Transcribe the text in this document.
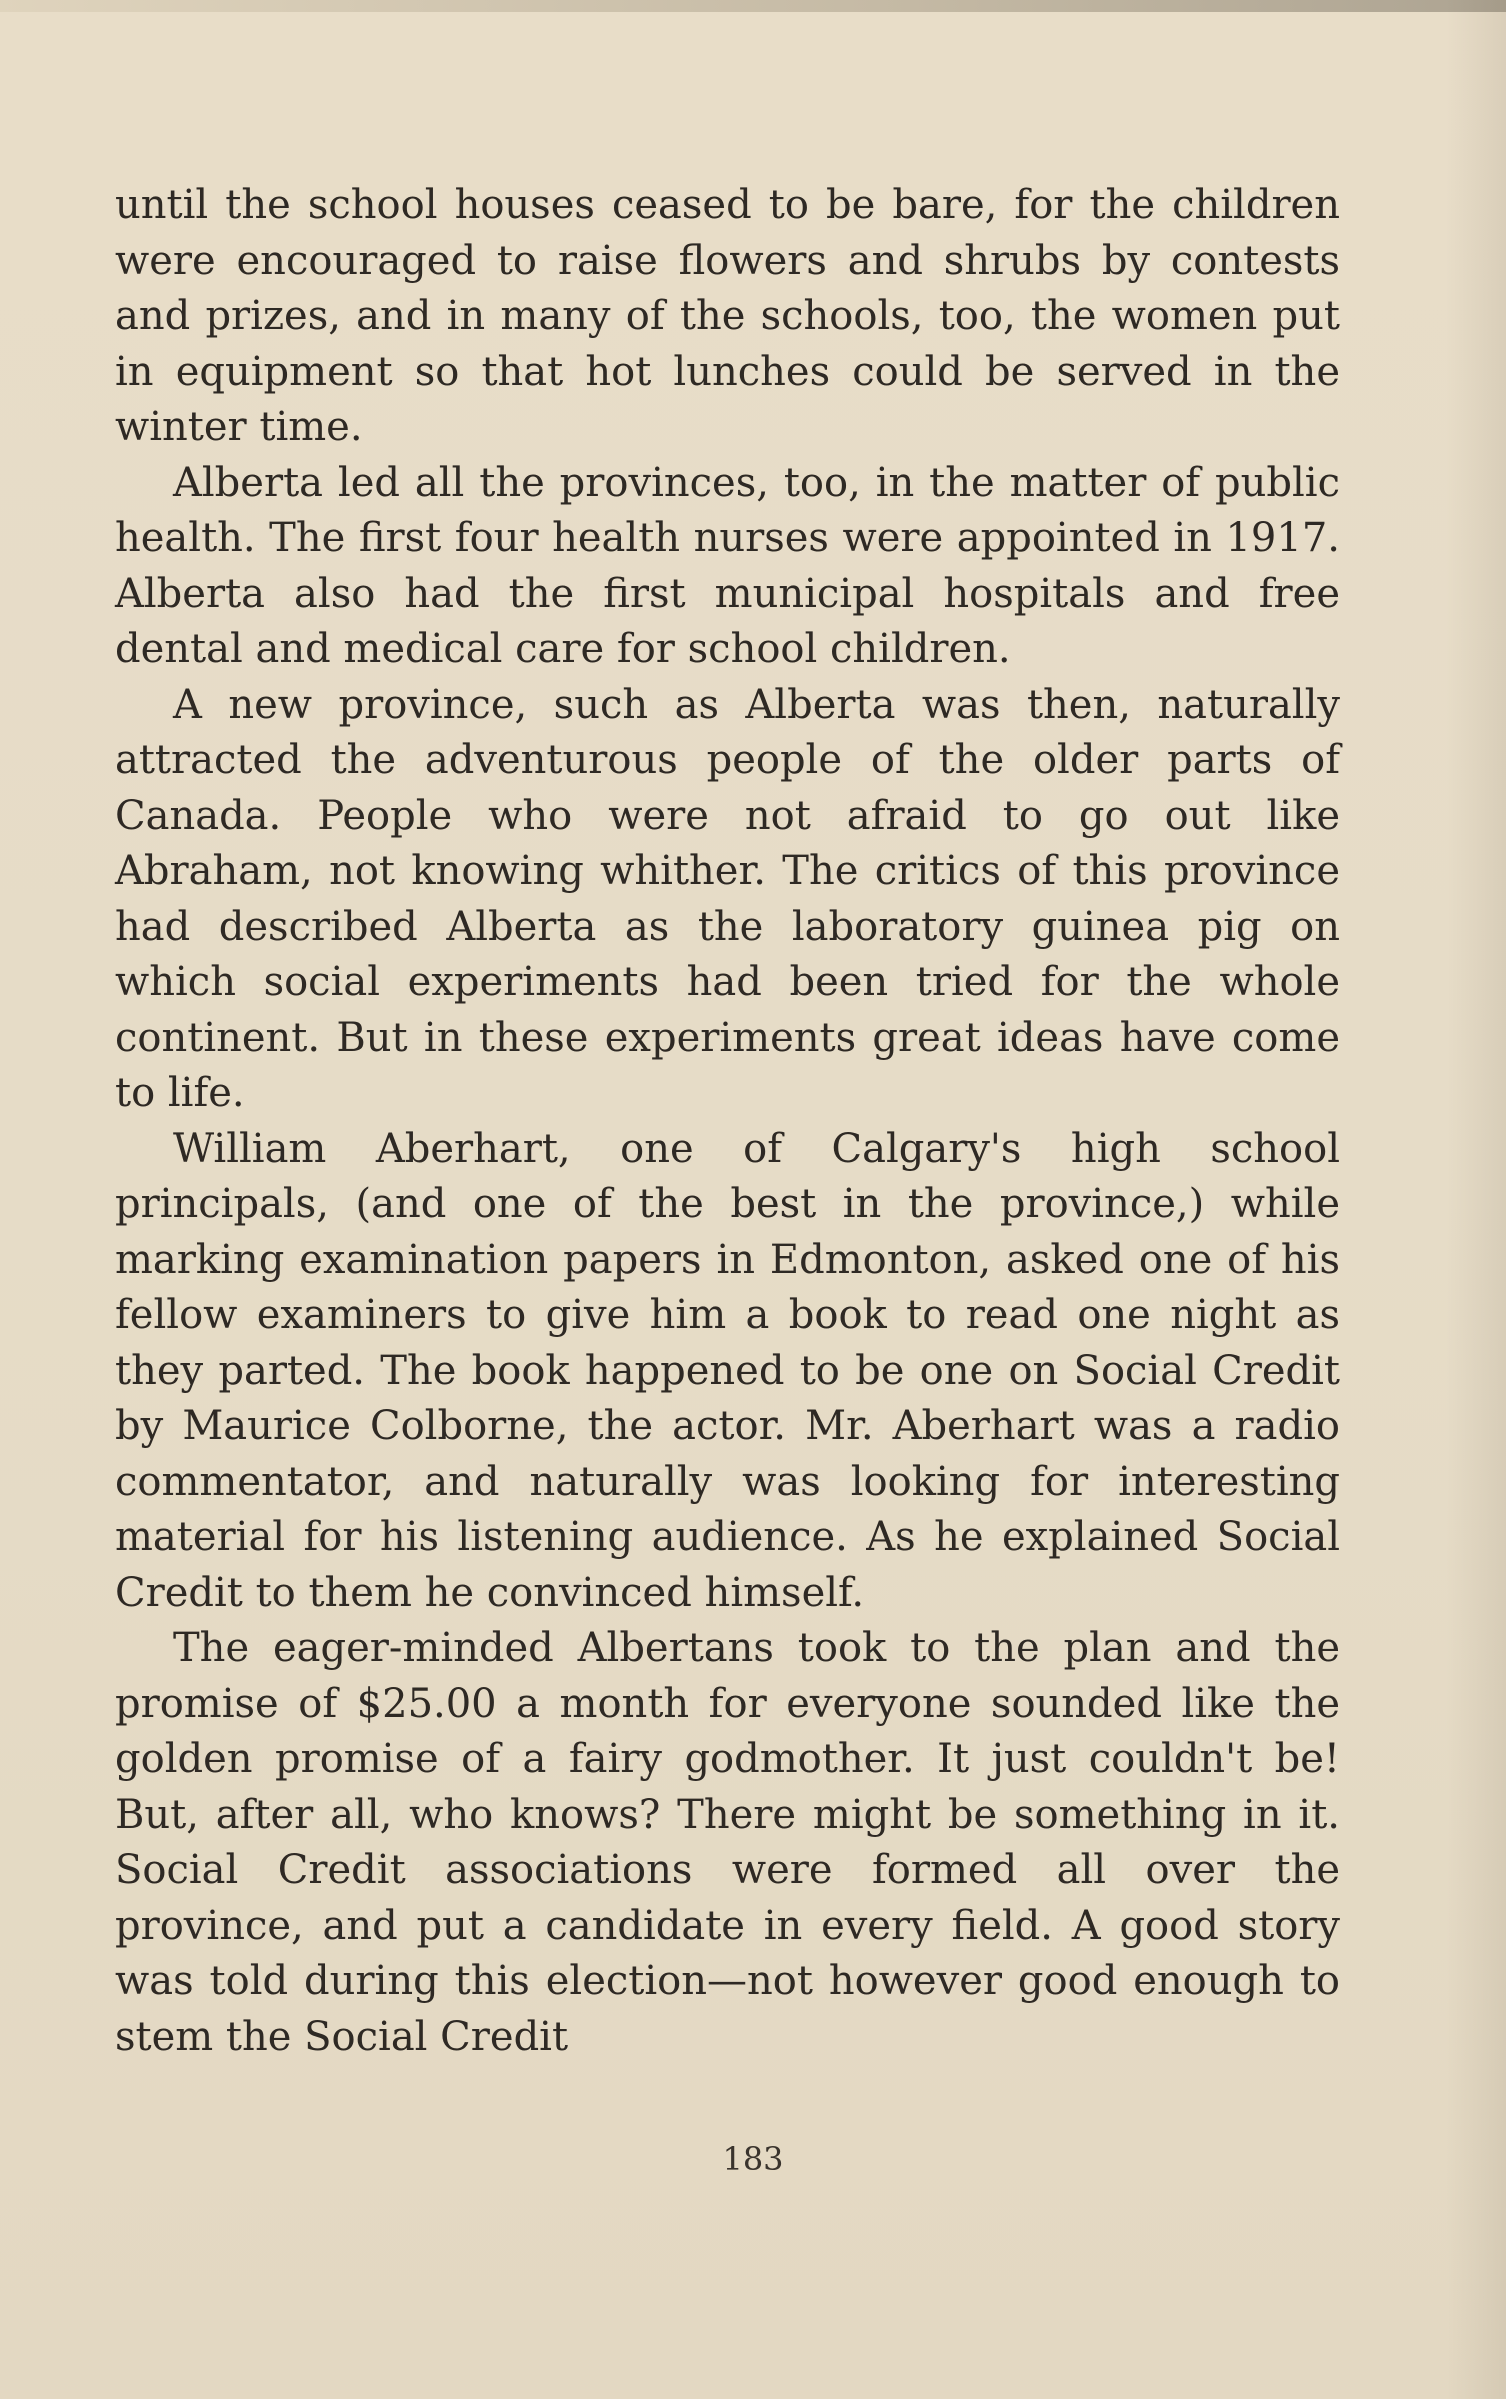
until the school houses ceased to be bare, for the children were encouraged to raise flowers and shrubs by contests and prizes, and in many of the schools, too, the women put in equipment so that hot lunches could be served in the winter time.

Alberta led all the provinces, too, in the matter of public health. The first four health nurses were appointed in 1917. Alberta also had the first municipal hospitals and free dental and medical care for school children.

A new province, such as Alberta was then, naturally attracted the adventurous people of the older parts of Canada. People who were not afraid to go out like Abraham, not knowing whither. The critics of this province had described Alberta as the laboratory guinea pig on which social experiments had been tried for the whole continent. But in these experiments great ideas have come to life.

William Aberhart, one of Calgary's high school principals, (and one of the best in the province,) while marking examination papers in Edmonton, asked one of his fellow examiners to give him a book to read one night as they parted. The book happened to be one on Social Credit by Maurice Colborne, the actor. Mr. Aberhart was a radio commentator, and naturally was looking for interesting material for his listening audience. As he explained Social Credit to them he convinced himself.

The eager-minded Albertans took to the plan and the promise of $25.00 a month for everyone sounded like the golden promise of a fairy godmother. It just couldn't be! But, after all, who knows? There might be something in it. Social Credit associations were formed all over the province, and put a candidate in every field. A good story was told during this election—not however good enough to stem the Social Credit

183
